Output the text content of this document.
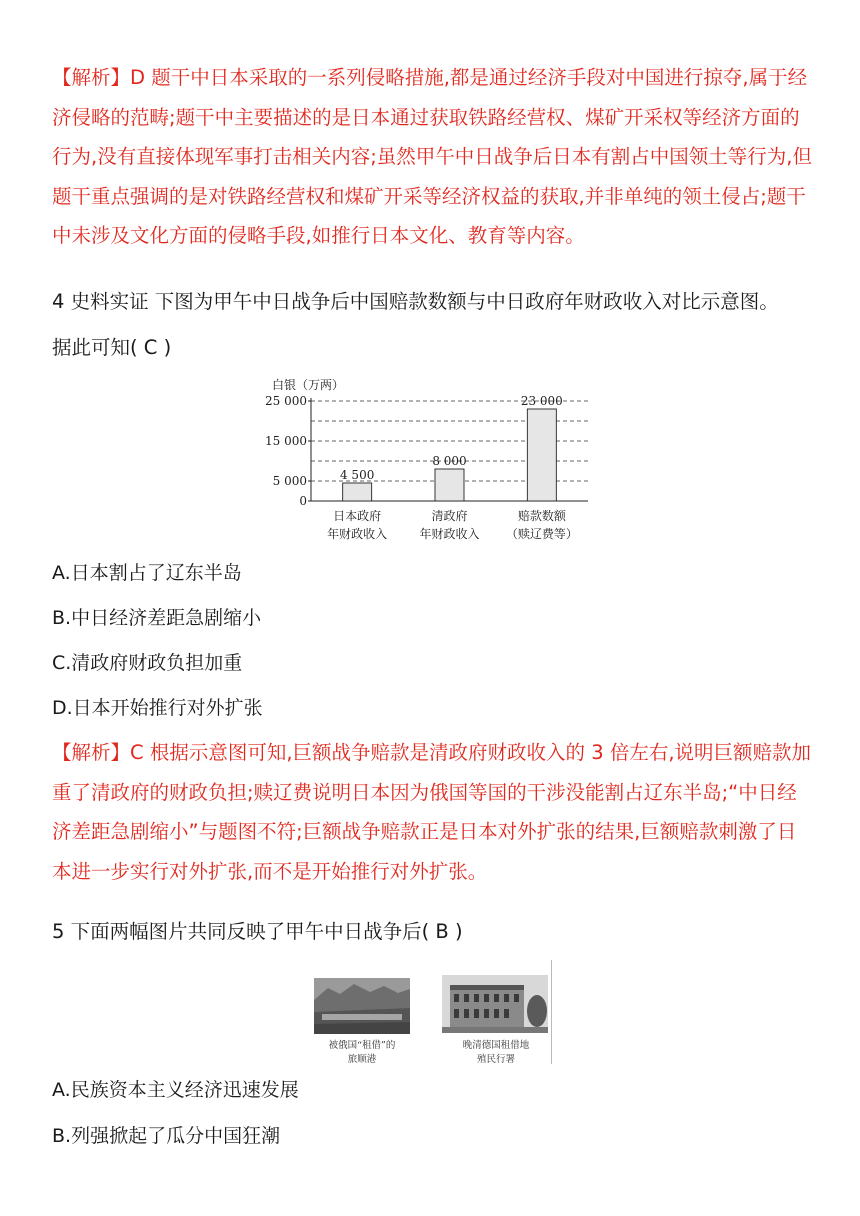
【解析】D 题干中日本采取的一系列侵略措施,都是通过经济手段对中国进行掠夺,属于经济侵略的范畴;题干中主要描述的是日本通过获取铁路经营权、煤矿开采权等经济方面的行为,没有直接体现军事打击相关内容;虽然甲午中日战争后日本有割占中国领土等行为,但题干重点强调的是对铁路经营权和煤矿开采等经济权益的获取,并非单纯的领土侵占;题干中未涉及文化方面的侵略手段,如推行日本文化、教育等内容。

4 史料实证 下图为甲午中日战争后中国赔款数额与中日政府年财政收入对比示意图。
据此可知( C )
白银（万两）
25 000
15 000
5 000
0
4 500
8 000
23 000
日本政府
年财政收入
清政府
年财政收入
赔款数额
（赎辽费等）
A.日本割占了辽东半岛
B.中日经济差距急剧缩小
C.清政府财政负担加重
D.日本开始推行对外扩张

【解析】C 根据示意图可知,巨额战争赔款是清政府财政收入的 3 倍左右,说明巨额赔款加重了清政府的财政负担;赎辽费说明日本因为俄国等国的干涉没能割占辽东半岛;“中日经济差距急剧缩小”与题图不符;巨额战争赔款正是日本对外扩张的结果,巨额赔款刺激了日本进一步实行对外扩张,而不是开始推行对外扩张。

5 下面两幅图片共同反映了甲午中日战争后( B )
被俄国“租借”的
旅顺港
晚清德国租借地
殖民行署
A.民族资本主义经济迅速发展
B.列强掀起了瓜分中国狂潮
